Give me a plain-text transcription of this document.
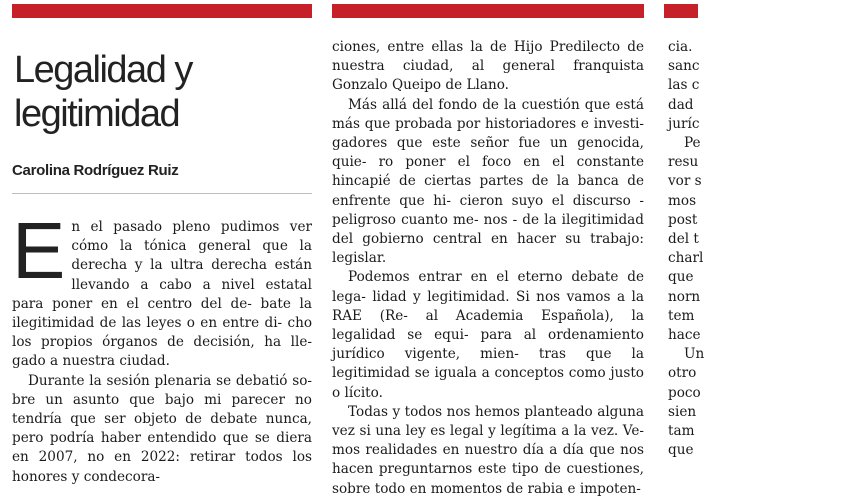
Legalidad y
legitimidad
Carolina Rodríguez Ruiz

En el pasado pleno pudimos ver cómo la tónica general que la derecha y la ultra derecha están llevando a cabo a nivel estatal para poner en el centro del de- bate la ilegitimidad de las leyes o en entre di- cho los propios órganos de decisión, ha lle- gado a nuestra ciudad.

Durante la sesión plenaria se debatió so- bre un asunto que bajo mi parecer no tendría que ser objeto de debate nunca, pero podría haber entendido que se diera en 2007, no en 2022: retirar todos los honores y condecora-

ciones, entre ellas la de Hijo Predilecto de nuestra ciudad, al general franquista Gonzalo Queipo de Llano.

Más allá del fondo de la cuestión que está más que probada por historiadores e investi- gadores que este señor fue un genocida, quie- ro poner el foco en el constante hincapié de ciertas partes de la banca de enfrente que hi- cieron suyo el discurso - peligroso cuanto me- nos - de la ilegitimidad del gobierno central en hacer su trabajo: legislar.

Podemos entrar en el eterno debate de lega- lidad y legitimidad. Si nos vamos a la RAE (Re- al Academia Española), la legalidad se equi- para al ordenamiento jurídico vigente, mien- tras que la legitimidad se iguala a conceptos como justo o lícito.

Todas y todos nos hemos planteado alguna vez si una ley es legal y legítima a la vez. Ve- mos realidades en nuestro día a día que nos hacen preguntarnos este tipo de cuestiones, sobre todo en momentos de rabia e impoten-

cia.
sanc
las c
dad
juríc
Pe
resu
vor s
mos
post
del t
charl
que
norn
tem
hace
Un
otro
poco
sien
tam
que
